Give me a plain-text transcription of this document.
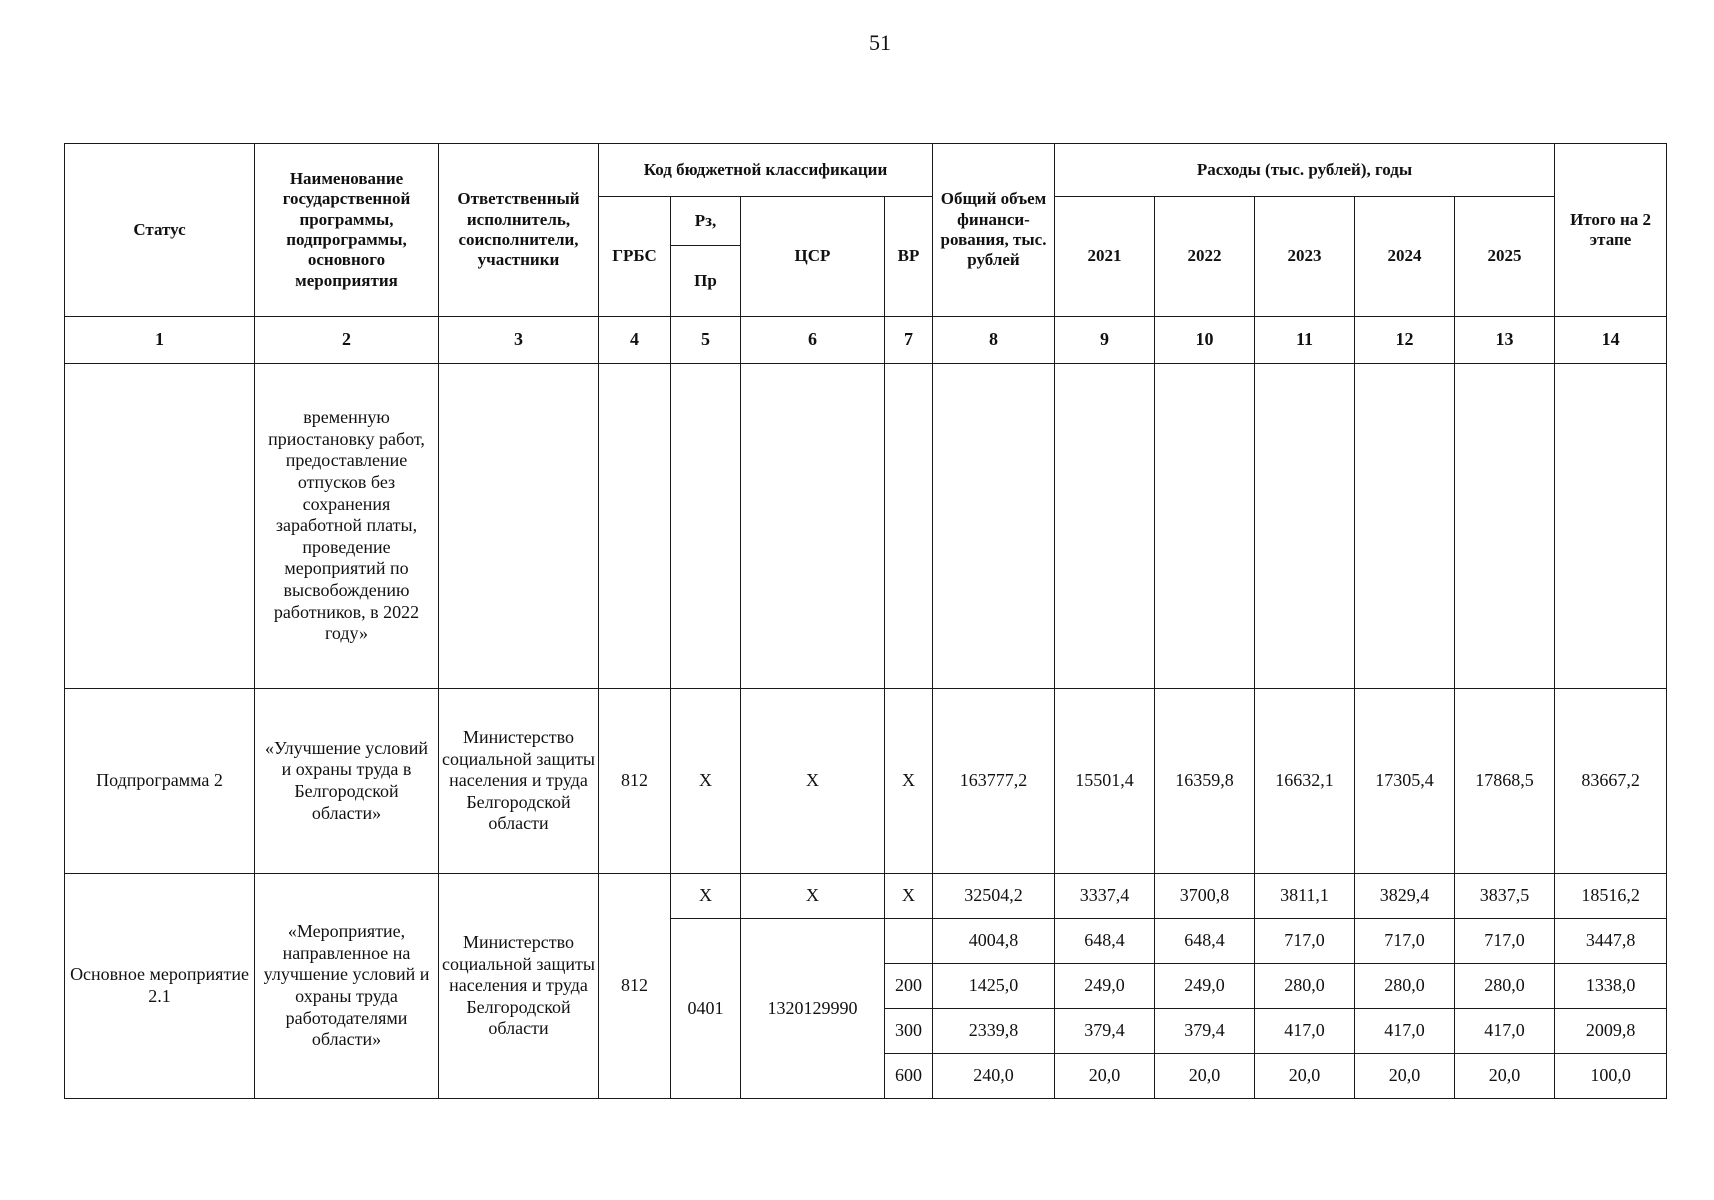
51
Статус	Наименование государственной программы, подпрограммы, основного мероприятия	Ответственный исполнитель, соисполнители, участники	Код бюджетной классификации				Общий объем финанси-рования, тыс. рублей	Расходы (тыс. рублей), годы					Итого на 2 этапе
			ГРБС	Рз,	ЦСР	ВР		2021	2022	2023	2024	2025	
				Пр									
1	2	3	4	5	6	7	8	9	10	11	12	13	14
	временную приостановку работ, предоставление отпусков без сохранения заработной платы, проведение мероприятий по высвобождению работников, в 2022 году»												
Подпрограмма 2	«Улучшение условий и охраны труда в Белгородской области»	Министерство социальной защиты населения и труда Белгородской области	812	Х	Х	Х	163777,2	15501,4	16359,8	16632,1	17305,4	17868,5	83667,2
Основное мероприятие 2.1	«Мероприятие, направленное на улучшение условий и охраны труда работодателями области»	Министерство социальной защиты населения и труда Белгородской области	812	Х	Х	Х	32504,2	3337,4	3700,8	3811,1	3829,4	3837,5	18516,2
				0401	1320129990		4004,8	648,4	648,4	717,0	717,0	717,0	3447,8
						200	1425,0	249,0	249,0	280,0	280,0	280,0	1338,0
						300	2339,8	379,4	379,4	417,0	417,0	417,0	2009,8
						600	240,0	20,0	20,0	20,0	20,0	20,0	100,0
